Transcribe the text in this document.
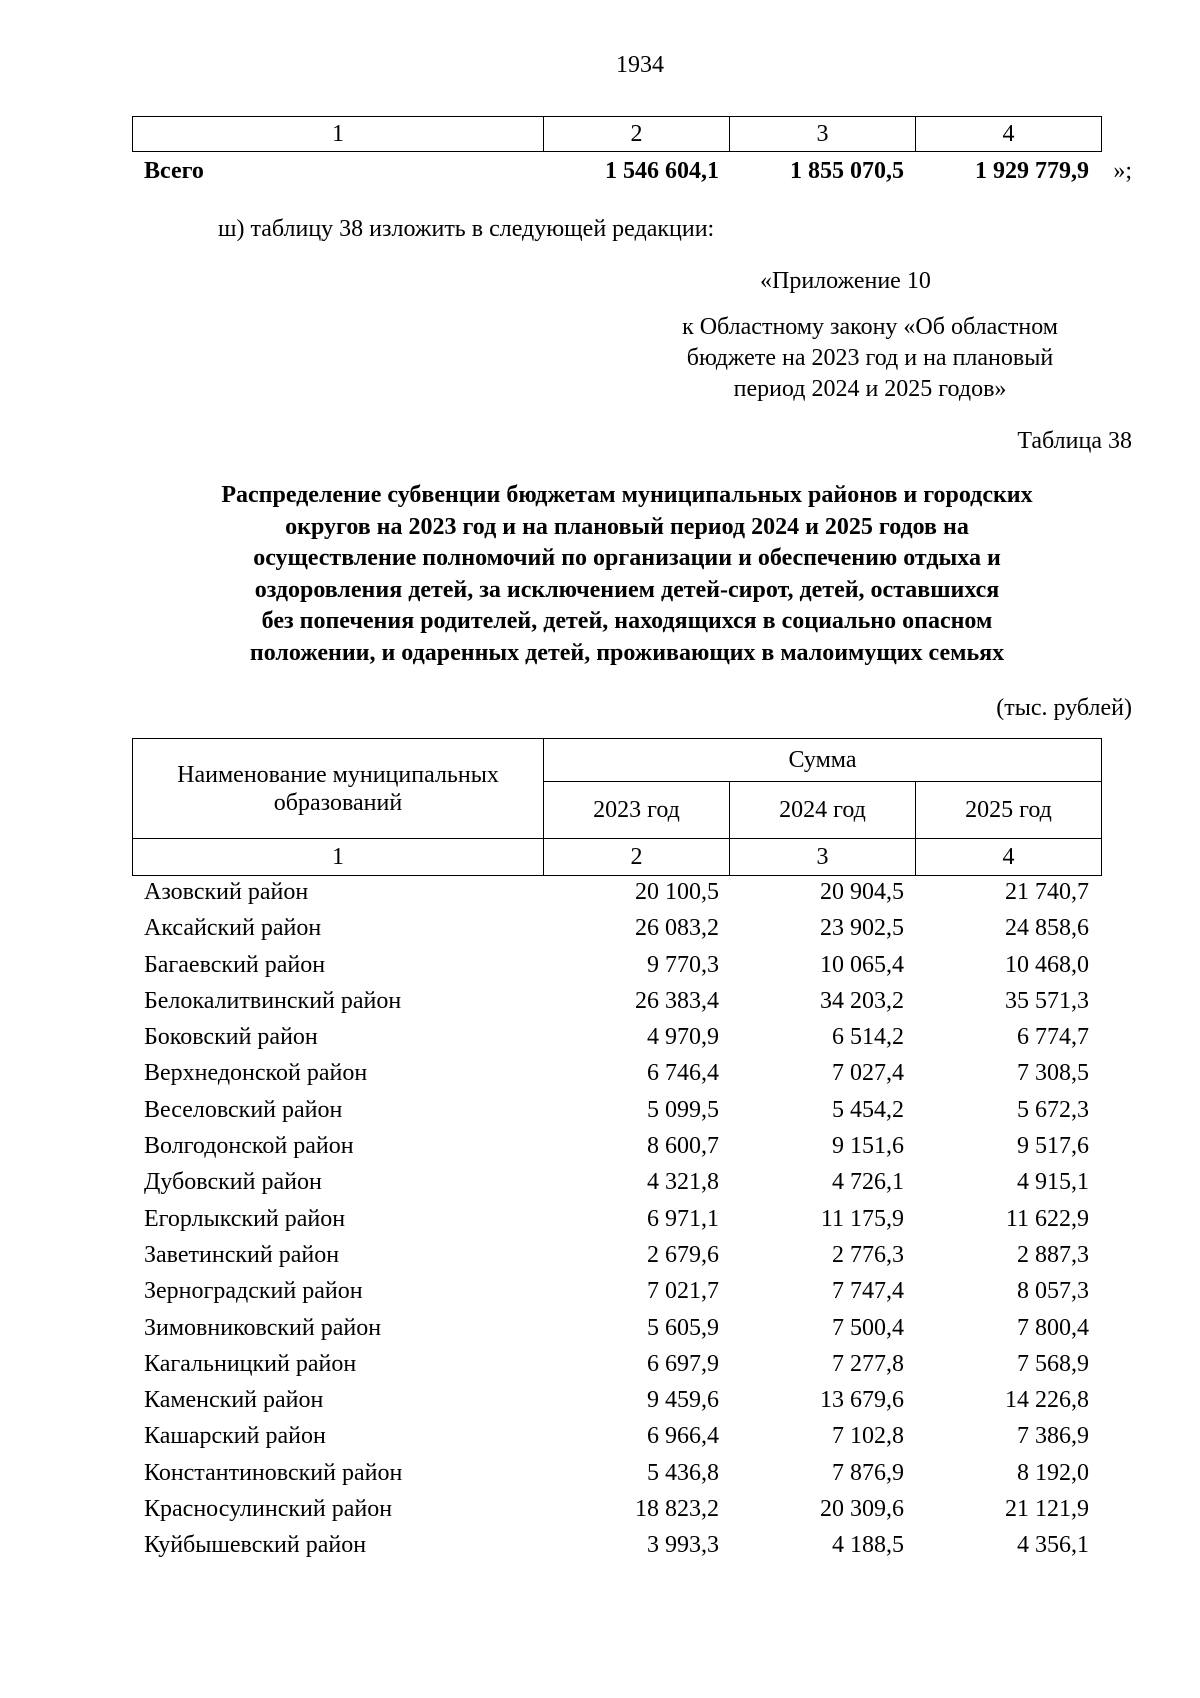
1934
1	2	3	4
Всего	1 546 604,1	1 855 070,5	1 929 779,9 »;
ш) таблицу 38 изложить в следующей редакции:
«Приложение 10
к Областному закону «Об областном
бюджете на 2023 год и на плановый
период 2024 и 2025 годов»
Таблица 38
Распределение субвенции бюджетам муниципальных районов и городских
округов на 2023 год и на плановый период 2024 и 2025 годов на
осуществление полномочий по организации и обеспечению отдыха и
оздоровления детей, за исключением детей-сирот, детей, оставшихся
без попечения родителей, детей, находящихся в социально опасном
положении, и одаренных детей, проживающих в малоимущих семьях
(тыс. рублей)
Наименование муниципальных
образований	Сумма		
	2023 год	2024 год	2025 год
1	2	3	4
Азовский район	20 100,5	20 904,5	21 740,7
Аксайский район	26 083,2	23 902,5	24 858,6
Багаевский район	9 770,3	10 065,4	10 468,0
Белокалитвинский район	26 383,4	34 203,2	35 571,3
Боковский район	4 970,9	6 514,2	6 774,7
Верхнедонской район	6 746,4	7 027,4	7 308,5
Веселовский район	5 099,5	5 454,2	5 672,3
Волгодонской район	8 600,7	9 151,6	9 517,6
Дубовский район	4 321,8	4 726,1	4 915,1
Егорлыкский район	6 971,1	11 175,9	11 622,9
Заветинский район	2 679,6	2 776,3	2 887,3
Зерноградский район	7 021,7	7 747,4	8 057,3
Зимовниковский район	5 605,9	7 500,4	7 800,4
Кагальницкий район	6 697,9	7 277,8	7 568,9
Каменский район	9 459,6	13 679,6	14 226,8
Кашарский район	6 966,4	7 102,8	7 386,9
Константиновский район	5 436,8	7 876,9	8 192,0
Красносулинский район	18 823,2	20 309,6	21 121,9
Куйбышевский район	3 993,3	4 188,5	4 356,1
